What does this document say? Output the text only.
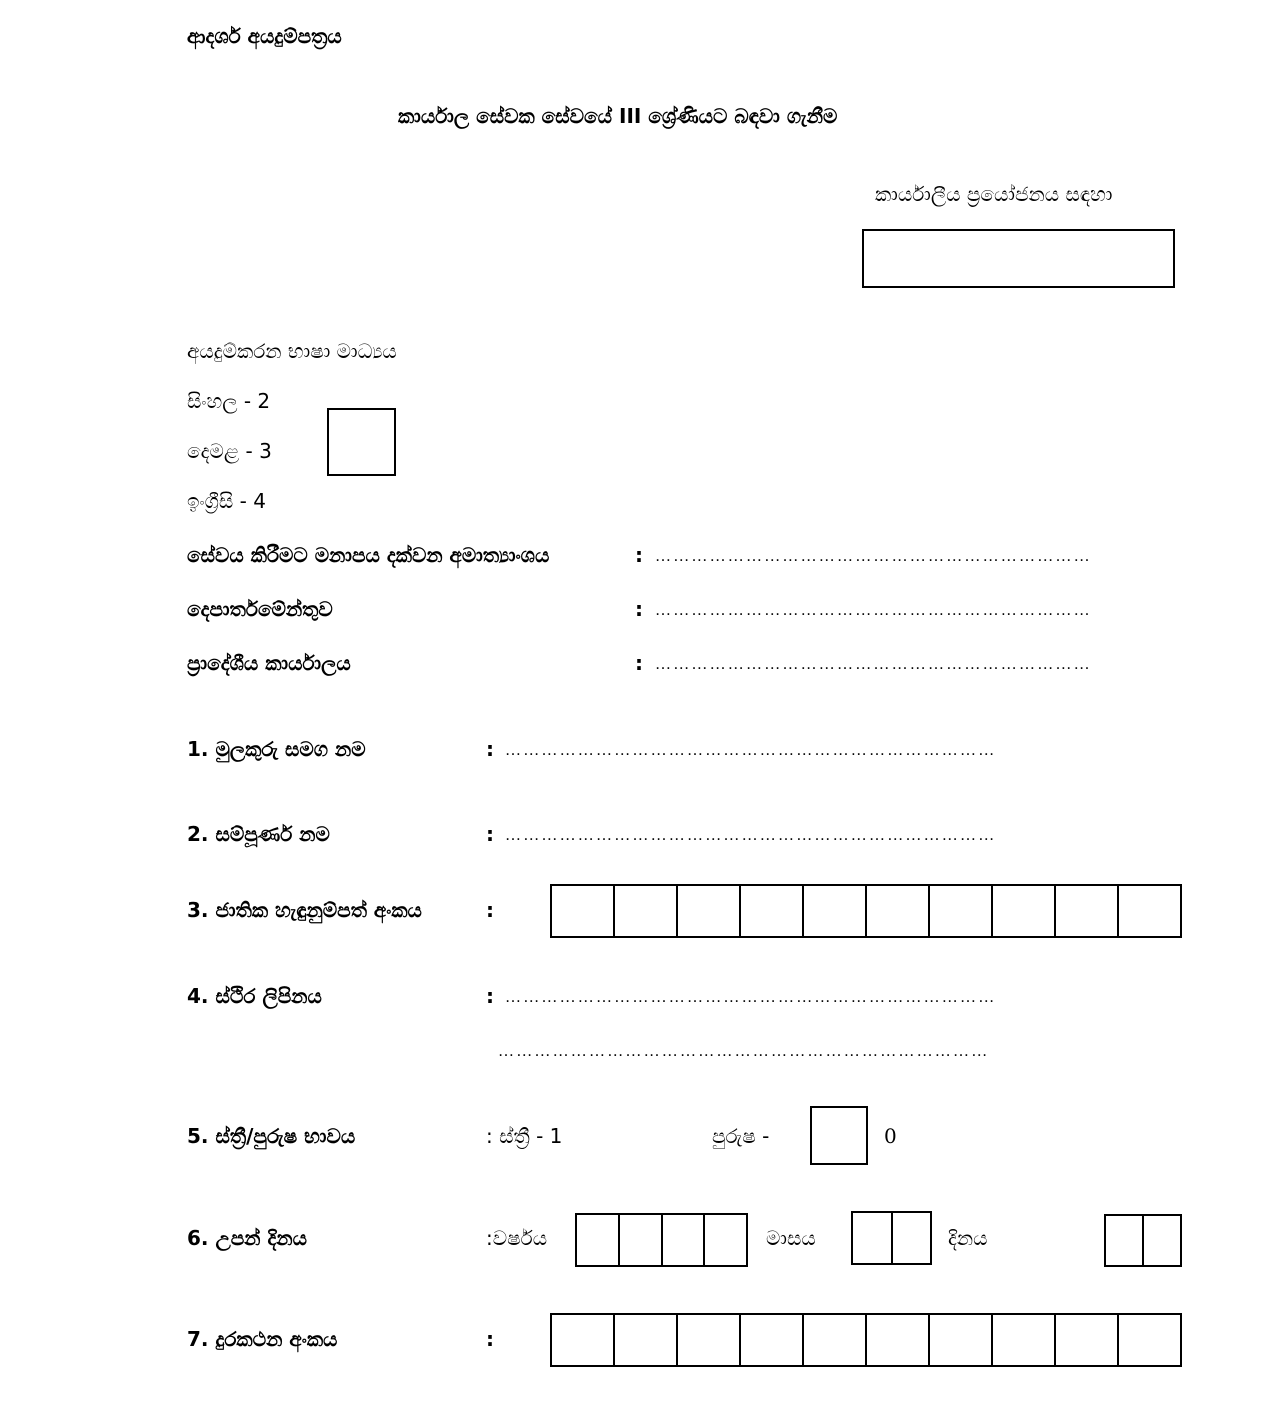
ආදර්ශ අයදුම්පත්‍රය
කාර්යාල සේවක සේවයේ III ශ්‍රේණියට බඳවා ගැනීම
කාර්යාලීය ප්‍රයෝජනය සඳහා
අයදුම්කරන භාෂා මාධ්‍යය
සිංහල - 2
දෙමළ - 3
ඉංග්‍රීසි - 4
සේවය කිරීමට මනාපය දක්වන අමාත්‍යාංශය	: ………………………………………………………………
දෙපාර්තමේන්තුව	: ………………………………………………………………
ප්‍රාදේශීය කාර්යාලය	: ………………………………………………………………
1. මුලකුරු සමග නම	: ………………………………………………………………………
2. සම්පූර්ණ නම	: ………………………………………………………………………
3. ජාතික හැඳුනුම්පත් අංකය	:
4. ස්ථිර ලිපිනය	: ………………………………………………………………………
………………………………………………………………………
5. ස්ත්‍රී/පුරුෂ භාවය	: ස්ත්‍රී - 1	පුරුෂ -	0
6. උපන් දිනය	:වර්ෂය	මාසය	දිනය
7. දුරකථන අංකය	:
